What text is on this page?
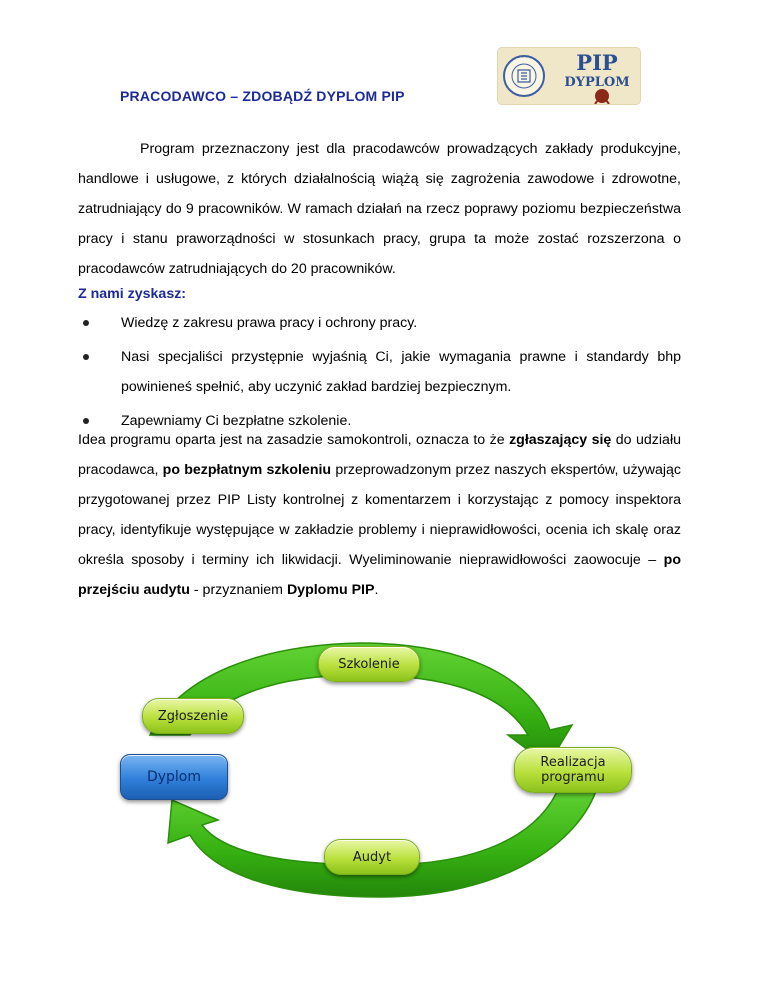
PIP
DYPLOM
PAŃSTWOWA INSPEKCJA PRACY
PRACODAWCO – ZDOBĄDŹ DYPLOM PIP

Program przeznaczony jest dla pracodawców prowadzących zakłady produkcyjne, handlowe i usługowe, z których działalnością wiążą się zagrożenia zawodowe i zdrowotne, zatrudniający do 9 pracowników. W ramach działań na rzecz poprawy poziomu bezpieczeństwa pracy i stanu praworządności w stosunkach pracy, grupa ta może zostać rozszerzona o pracodawców zatrudniających do 20 pracowników.

Z nami zyskasz:
Wiedzę z zakresu prawa pracy i ochrony pracy.
Nasi specjaliści przystępnie wyjaśnią Ci, jakie wymagania prawne i standardy bhp powinieneś spełnić, aby uczynić zakład bardziej bezpiecznym.
Zapewniamy Ci bezpłatne szkolenie.

Idea programu oparta jest na zasadzie samokontroli, oznacza to że zgłaszający się do udziału pracodawca, po bezpłatnym szkoleniu przeprowadzonym przez naszych ekspertów, używając przygotowanej przez PIP Listy kontrolnej z komentarzem i korzystając z pomocy inspektora pracy, identyfikuje występujące w zakładzie problemy i nieprawidłowości, ocenia ich skalę oraz określa sposoby i terminy ich likwidacji. Wyeliminowanie nieprawidłowości zaowocuje – po przejściu audytu - przyznaniem Dyplomu PIP.

Szkolenie
Zgłoszenie
Realizacja
programu
Audyt
Dyplom
